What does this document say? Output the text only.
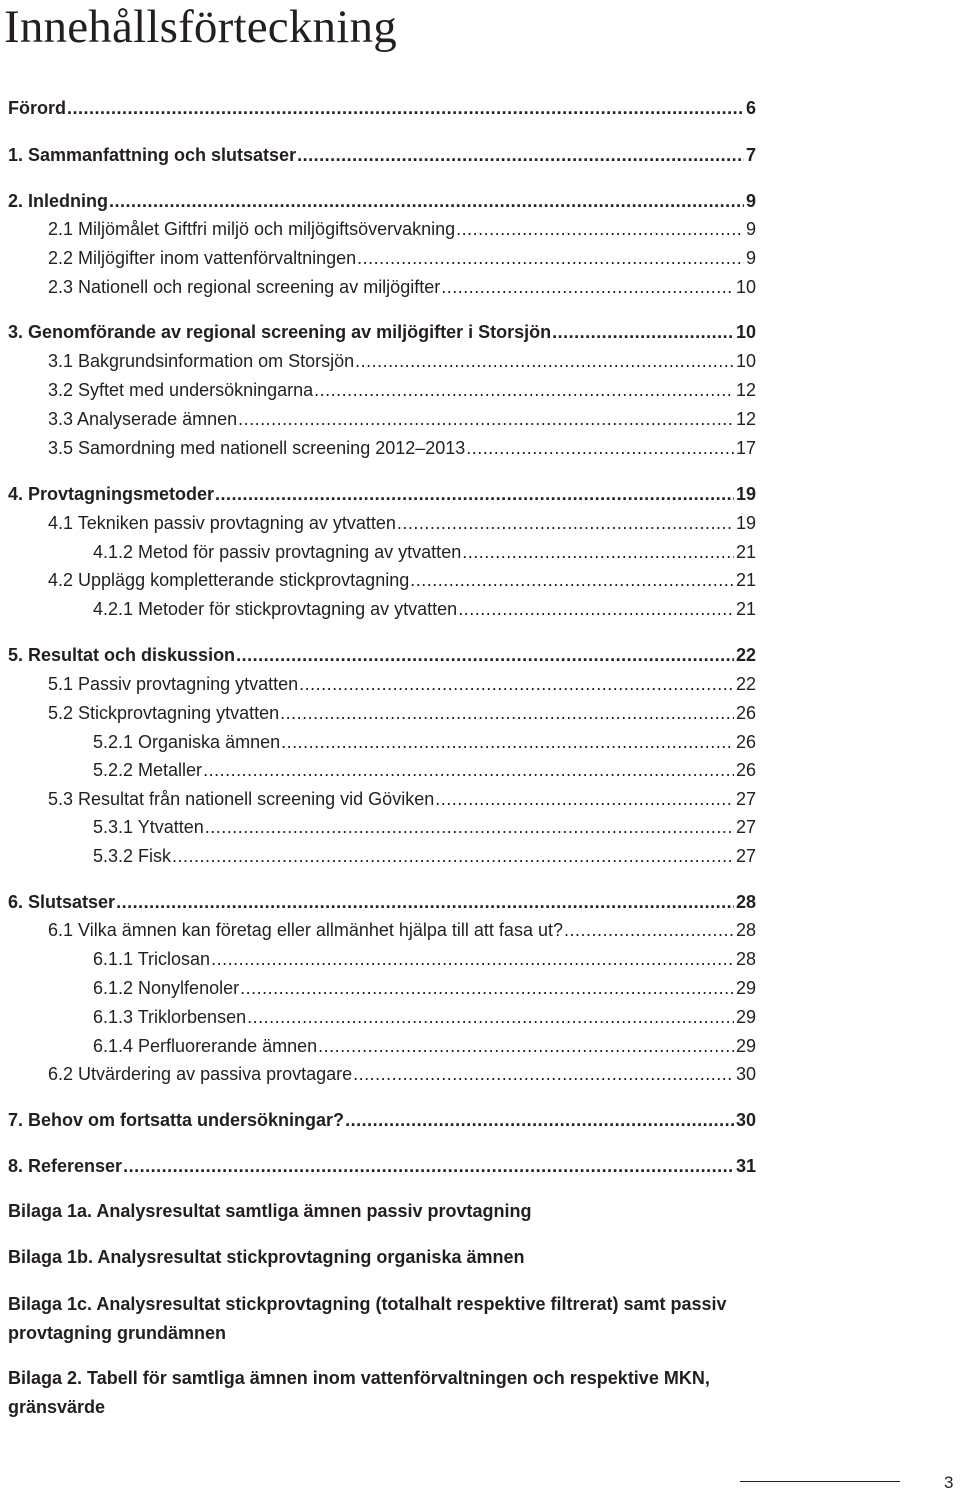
Innehållsförteckning
Förord .....	6
1. Sammanfattning och slutsatser .....	7
2. Inledning .....	9
2.1 Miljömålet Giftfri miljö och miljögiftsövervakning .....	9
2.2 Miljögifter inom vattenförvaltningen .....	9
2.3 Nationell och regional screening av miljögifter .....	10
3. Genomförande av regional screening av miljögifter i Storsjön .....	10
3.1 Bakgrundsinformation om Storsjön .....	10
3.2 Syftet med undersökningarna .....	12
3.3 Analyserade ämnen .....	12
3.5 Samordning med nationell screening 2012–2013 .....	17
4. Provtagningsmetoder .....	19
4.1 Tekniken passiv provtagning av ytvatten .....	19
4.1.2 Metod för passiv provtagning av ytvatten .....	21
4.2 Upplägg kompletterande stickprovtagning .....	21
4.2.1 Metoder för stickprovtagning av ytvatten .....	21
5. Resultat och diskussion .....	22
5.1 Passiv provtagning ytvatten .....	22
5.2 Stickprovtagning ytvatten .....	26
5.2.1 Organiska ämnen .....	26
5.2.2 Metaller .....	26
5.3 Resultat från nationell screening vid Göviken .....	27
5.3.1 Ytvatten .....	27
5.3.2 Fisk .....	27
6. Slutsatser .....	28
6.1 Vilka ämnen kan företag eller allmänhet hjälpa till att fasa ut? .....	28
6.1.1 Triclosan .....	28
6.1.2 Nonylfenoler .....	29
6.1.3 Triklorbensen .....	29
6.1.4 Perfluorerande ämnen .....	29
6.2 Utvärdering av passiva provtagare .....	30
7. Behov om fortsatta undersökningar? .....	30
8. Referenser .....	31

Bilaga 1a. Analysresultat samtliga ämnen passiv provtagning

Bilaga 1b. Analysresultat stickprovtagning organiska ämnen

Bilaga 1c. Analysresultat stickprovtagning (totalhalt respektive filtrerat) samt passiv provtagning grundämnen

Bilaga 2. Tabell för samtliga ämnen inom vattenförvaltningen och respektive MKN, gränsvärde

3
